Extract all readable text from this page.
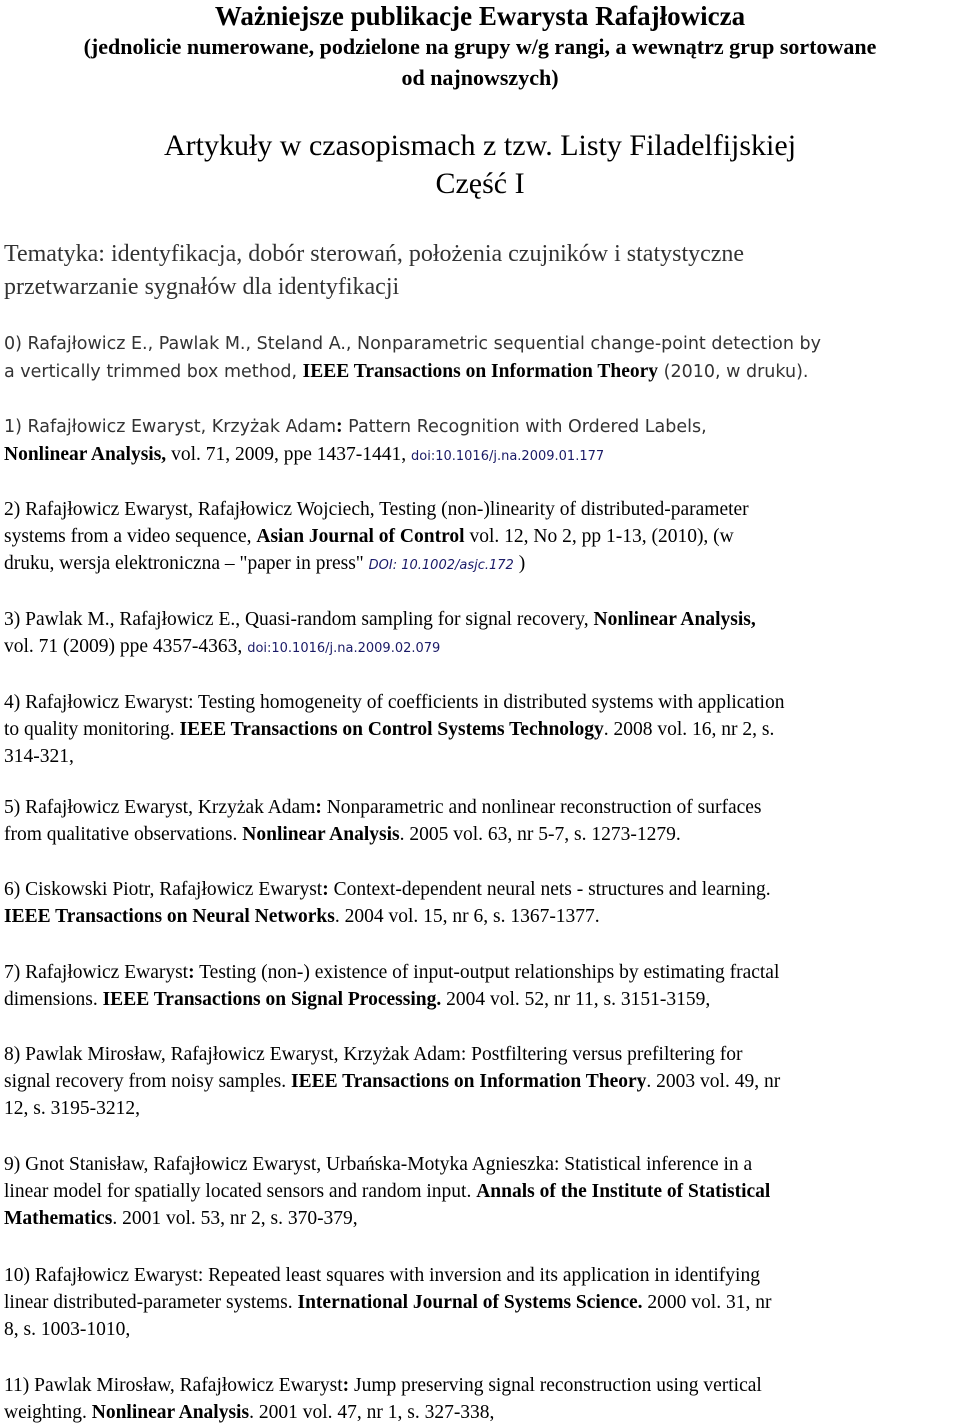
Ważniejsze publikacje Ewarysta Rafajłowicza

(jednolicie numerowane, podzielone na grupy w/g rangi, a wewnątrz grup sortowane

od najnowszych)

Artykuły w czasopismach z tzw. Listy Filadelfijskiej

Część I

Tematyka: identyfikacja, dobór sterowań, położenia czujników i statystyczne
przetwarzanie sygnałów dla identyfikacji
0) Rafajłowicz E., Pawlak M., Steland A., Nonparametric sequential change-point detection by
a vertically trimmed box method, IEEE Transactions on Information Theory (2010, w druku).
1) Rafajłowicz Ewaryst, Krzyżak Adam: Pattern Recognition with Ordered Labels,
Nonlinear Analysis, vol. 71, 2009, ppe 1437-1441, doi:10.1016/j.na.2009.01.177
2) Rafajłowicz Ewaryst, Rafajłowicz Wojciech, Testing (non-)linearity of distributed-parameter
systems from a video sequence, Asian Journal of Control vol. 12, No 2, pp 1-13, (2010), (w
druku, wersja elektroniczna – "paper in press" DOI: 10.1002/asjc.172 )
3) Pawlak M., Rafajłowicz E., Quasi-random sampling for signal recovery, Nonlinear Analysis,
vol. 71 (2009) ppe 4357-4363, doi:10.1016/j.na.2009.02.079
4) Rafajłowicz Ewaryst: Testing homogeneity of coefficients in distributed systems with application
to quality monitoring. IEEE Transactions on Control Systems Technology. 2008 vol. 16, nr 2, s.
314-321,
5) Rafajłowicz Ewaryst, Krzyżak Adam: Nonparametric and nonlinear reconstruction of surfaces
from qualitative observations. Nonlinear Analysis. 2005 vol. 63, nr 5-7, s. 1273-1279.
6) Ciskowski Piotr, Rafajłowicz Ewaryst: Context-dependent neural nets - structures and learning.
IEEE Transactions on Neural Networks. 2004 vol. 15, nr 6, s. 1367-1377.
7) Rafajłowicz Ewaryst: Testing (non-) existence of input-output relationships by estimating fractal
dimensions. IEEE Transactions on Signal Processing. 2004 vol. 52, nr 11, s. 3151-3159,
8) Pawlak Mirosław, Rafajłowicz Ewaryst, Krzyżak Adam: Postfiltering versus prefiltering for
signal recovery from noisy samples. IEEE Transactions on Information Theory. 2003 vol. 49, nr
12, s. 3195-3212,
9) Gnot Stanisław, Rafajłowicz Ewaryst, Urbańska-Motyka Agnieszka: Statistical inference in a
linear model for spatially located sensors and random input. Annals of the Institute of Statistical
Mathematics. 2001 vol. 53, nr 2, s. 370-379,
10) Rafajłowicz Ewaryst: Repeated least squares with inversion and its application in identifying
linear distributed-parameter systems. International Journal of Systems Science. 2000 vol. 31, nr
8, s. 1003-1010,
11) Pawlak Mirosław, Rafajłowicz Ewaryst: Jump preserving signal reconstruction using vertical
weighting. Nonlinear Analysis. 2001 vol. 47, nr 1, s. 327-338,
